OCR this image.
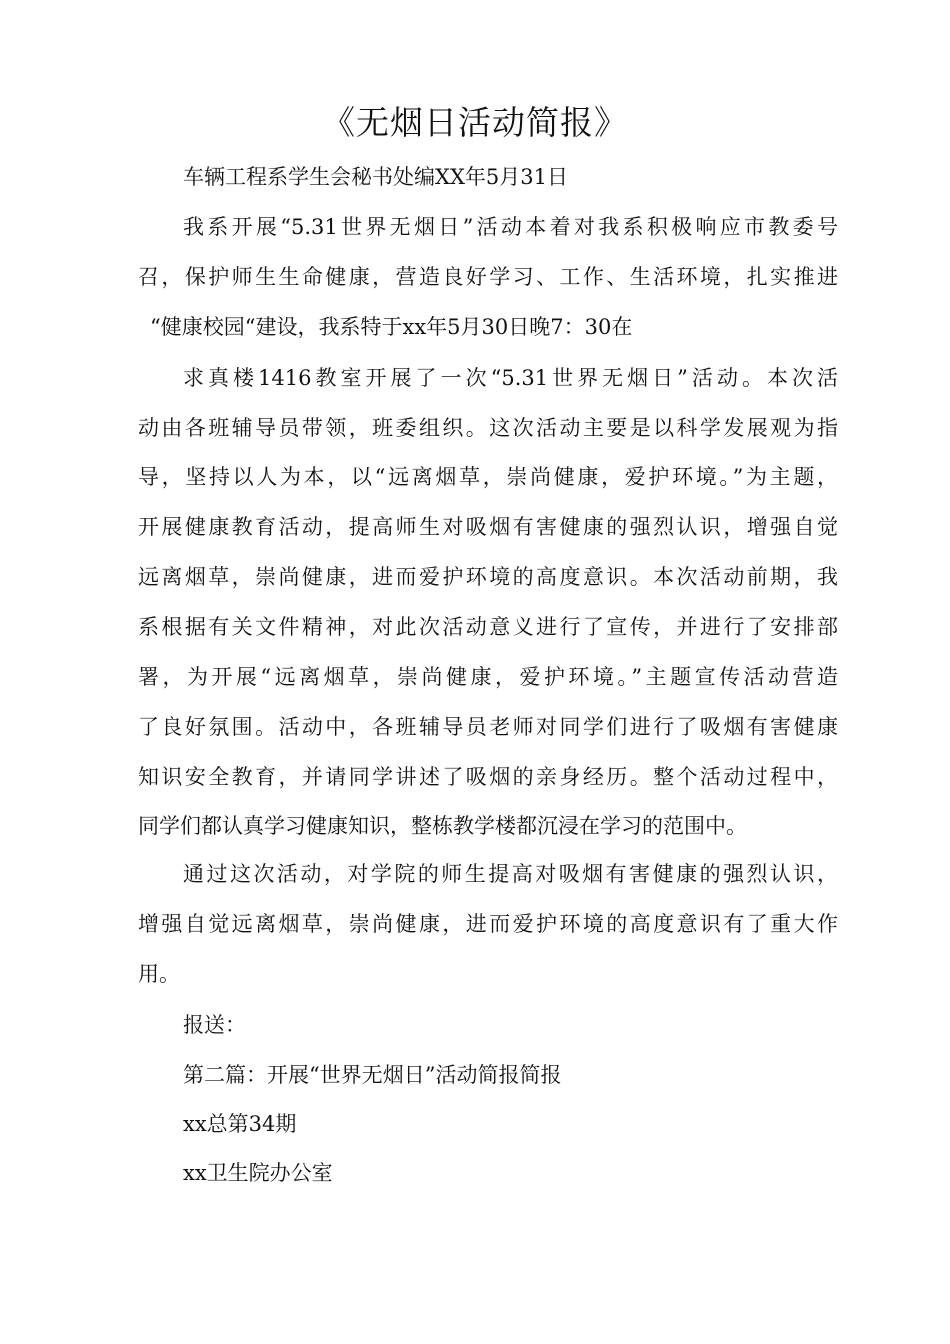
《无烟日活动简报》
车辆工程系学生会秘书处编XX年5月31日
我系开展“5.31世界无烟日”活动本着对我系积极响应市教委号
召，保护师生生命健康，营造良好学习、工作、生活环境，扎实推进
“健康校园“建设，我系特于xx年5月30日晚7：30在
求真楼1416教室开展了一次“5.31世界无烟日”活动。本次活
动由各班辅导员带领，班委组织。这次活动主要是以科学发展观为指
导，坚持以人为本，以“远离烟草，崇尚健康，爱护环境。”为主题，
开展健康教育活动，提高师生对吸烟有害健康的强烈认识，增强自觉
远离烟草，崇尚健康，进而爱护环境的高度意识。本次活动前期，我
系根据有关文件精神，对此次活动意义进行了宣传，并进行了安排部
署，为开展“远离烟草，崇尚健康，爱护环境。”主题宣传活动营造
了良好氛围。活动中，各班辅导员老师对同学们进行了吸烟有害健康
知识安全教育，并请同学讲述了吸烟的亲身经历。整个活动过程中，
同学们都认真学习健康知识，整栋教学楼都沉浸在学习的范围中。
通过这次活动，对学院的师生提高对吸烟有害健康的强烈认识，
增强自觉远离烟草，崇尚健康，进而爱护环境的高度意识有了重大作
用。
报送：
第二篇：开展“世界无烟日”活动简报简报
xx总第34期
xx卫生院办公室
